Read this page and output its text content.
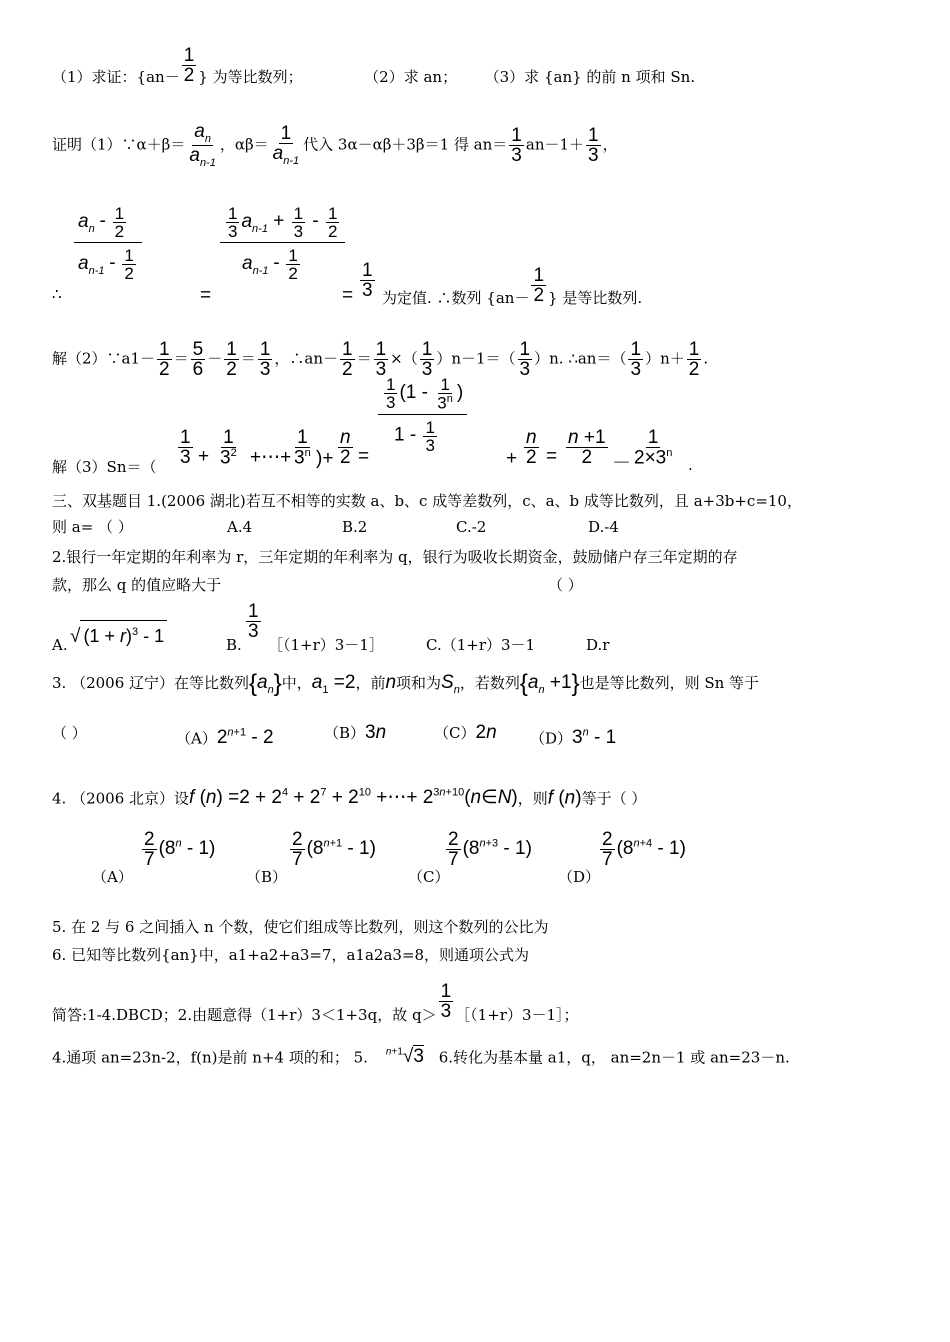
（1）求证：{$an- \frac{1}{2}$ } 为等比数列；	（2）求 an； （3）求 {an} 的前 n 项和 Sn.
证明（1）∵α＋β＝ $\frac{a_n}{a_{n-1}}$ ，$\alpha\beta= \frac{1}{a_{n-1}}$ 代入 3α－αβ＋3β＝1 得 $an= \frac{1}{3} an-1+ \frac{1}{3}$ ，
∴
$a_n - \frac{1}{2}$
$a_{n-1} - \frac{1}{2}$
=
$\frac{1}{3} a_{n-1} + \frac{1}{3} - \frac{1}{2}$
$a_{n-1} - \frac{1}{2}$
= $\frac{1}{3}$ 为定值. ∴数列 {$an- \frac{1}{2}$ } 是等比数列.
解（2）∵a1－ $\frac{1}{2} = \frac{5}{6} - \frac{1}{2} = \frac{1}{3}$ ，∴an－ $\frac{1}{2} = \frac{1}{3}$ ×（ $\frac{1}{3} )n-1=( \frac{1}{3} )n$. ∴an＝（ $\frac{1}{3} )n+ \frac{1}{2}$ .
解$(3)Sn=( \frac{1}{3} + \frac{1}{3^2}$ +⋯+ $\frac{1}{3^n}$ )+ $\frac{n}{2}$ =
$\frac{1}{3} (1 - \frac{1}{3^n}$ )
$1 - \frac{1}{3}$
+ $\frac{n}{2} = \frac{n +1}{2} - \frac{1}{2\times 3^n}$ .
三、双基题目 1.(2006 湖北)若互不相等的实数 a、b、c 成等差数列，c、a、b 成等比数列，且 a+3b+c=10，
则 a= （ ）	A.4	B.2	C.-2	D.-4
2.银行一年定期的年利率为 r，三年定期的年利率为 q，银行为吸收长期资金，鼓励储户存三年定期的存
款，那么 q 的值应略大于	（ ）
A. √ $(1 + r)^3 - 1$	B.
$\frac{1}{3}$
［（1+r）3－1］	C.（1+r）3－1	D.r
3. （2006 辽宁）在等比数列$\{a_n\}$中，$a_1 =2$，前n项和为$S_n$，若数列$\{a_n +1\}$也是等比数列，则 Sn 等于
（ ）	$(A)2^{n+1} - 2$	（B）3n	（C）2n （D）3$^n$ - 1
4. （2006 北京）设f $(n) =2 + 2^4 + 2^7 + 2^{10}$ +⋯+ $2^{3n+10}(n\in N)$，则f (n)等于（ ）
（A）
$\frac{2}{7} (8^n - 1)$
（B）
$\frac{2}{7} (8^{n+1} - 1)$
（C）
$\frac{2}{7} (8^{n+3} - 1)$
（D）
$\frac{2}{7} (8^{n+4} - 1)$
5. 在 2 与 6 之间插入 n 个数，使它们组成等比数列，则这个数列的公比为
6. 已知等比数列{an}中，a1+a2+a3=7，a1a2a3=8，则通项公式为
简答:1-4.DBCD；2.由题意得（1+r）3＜1+3q，故 $q> \frac{1}{3}$ ［（1+r）3－1］；
4.通项 an=23n-2，f(n)是前 n+4 项的和； 5. $^{n+1}$√3 6.转化为基本量 a1，q， an=2n－1 或 an=23－n.
